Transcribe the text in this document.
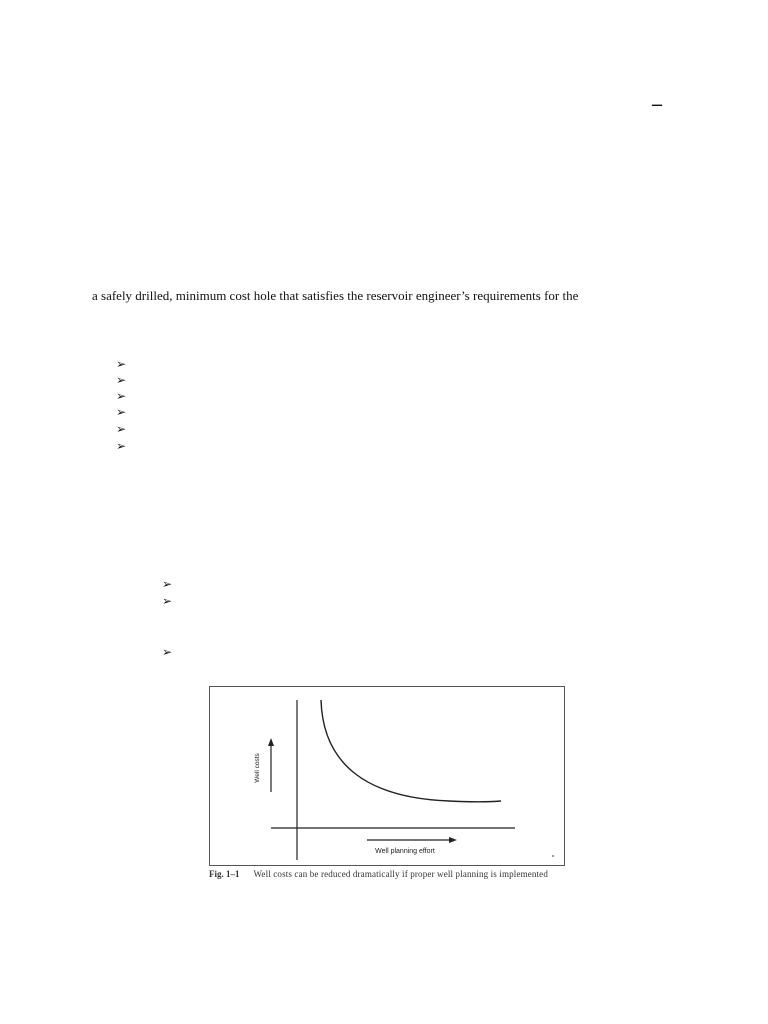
–
a safely drilled, minimum cost hole that satisfies the reservoir engineer’s requirements for the
➢
➢
➢
➢
➢
➢
➢
➢
➢
Well costs
Well planning effort
Fig. 1–1 Well costs can be reduced dramatically if proper well planning is implemented
